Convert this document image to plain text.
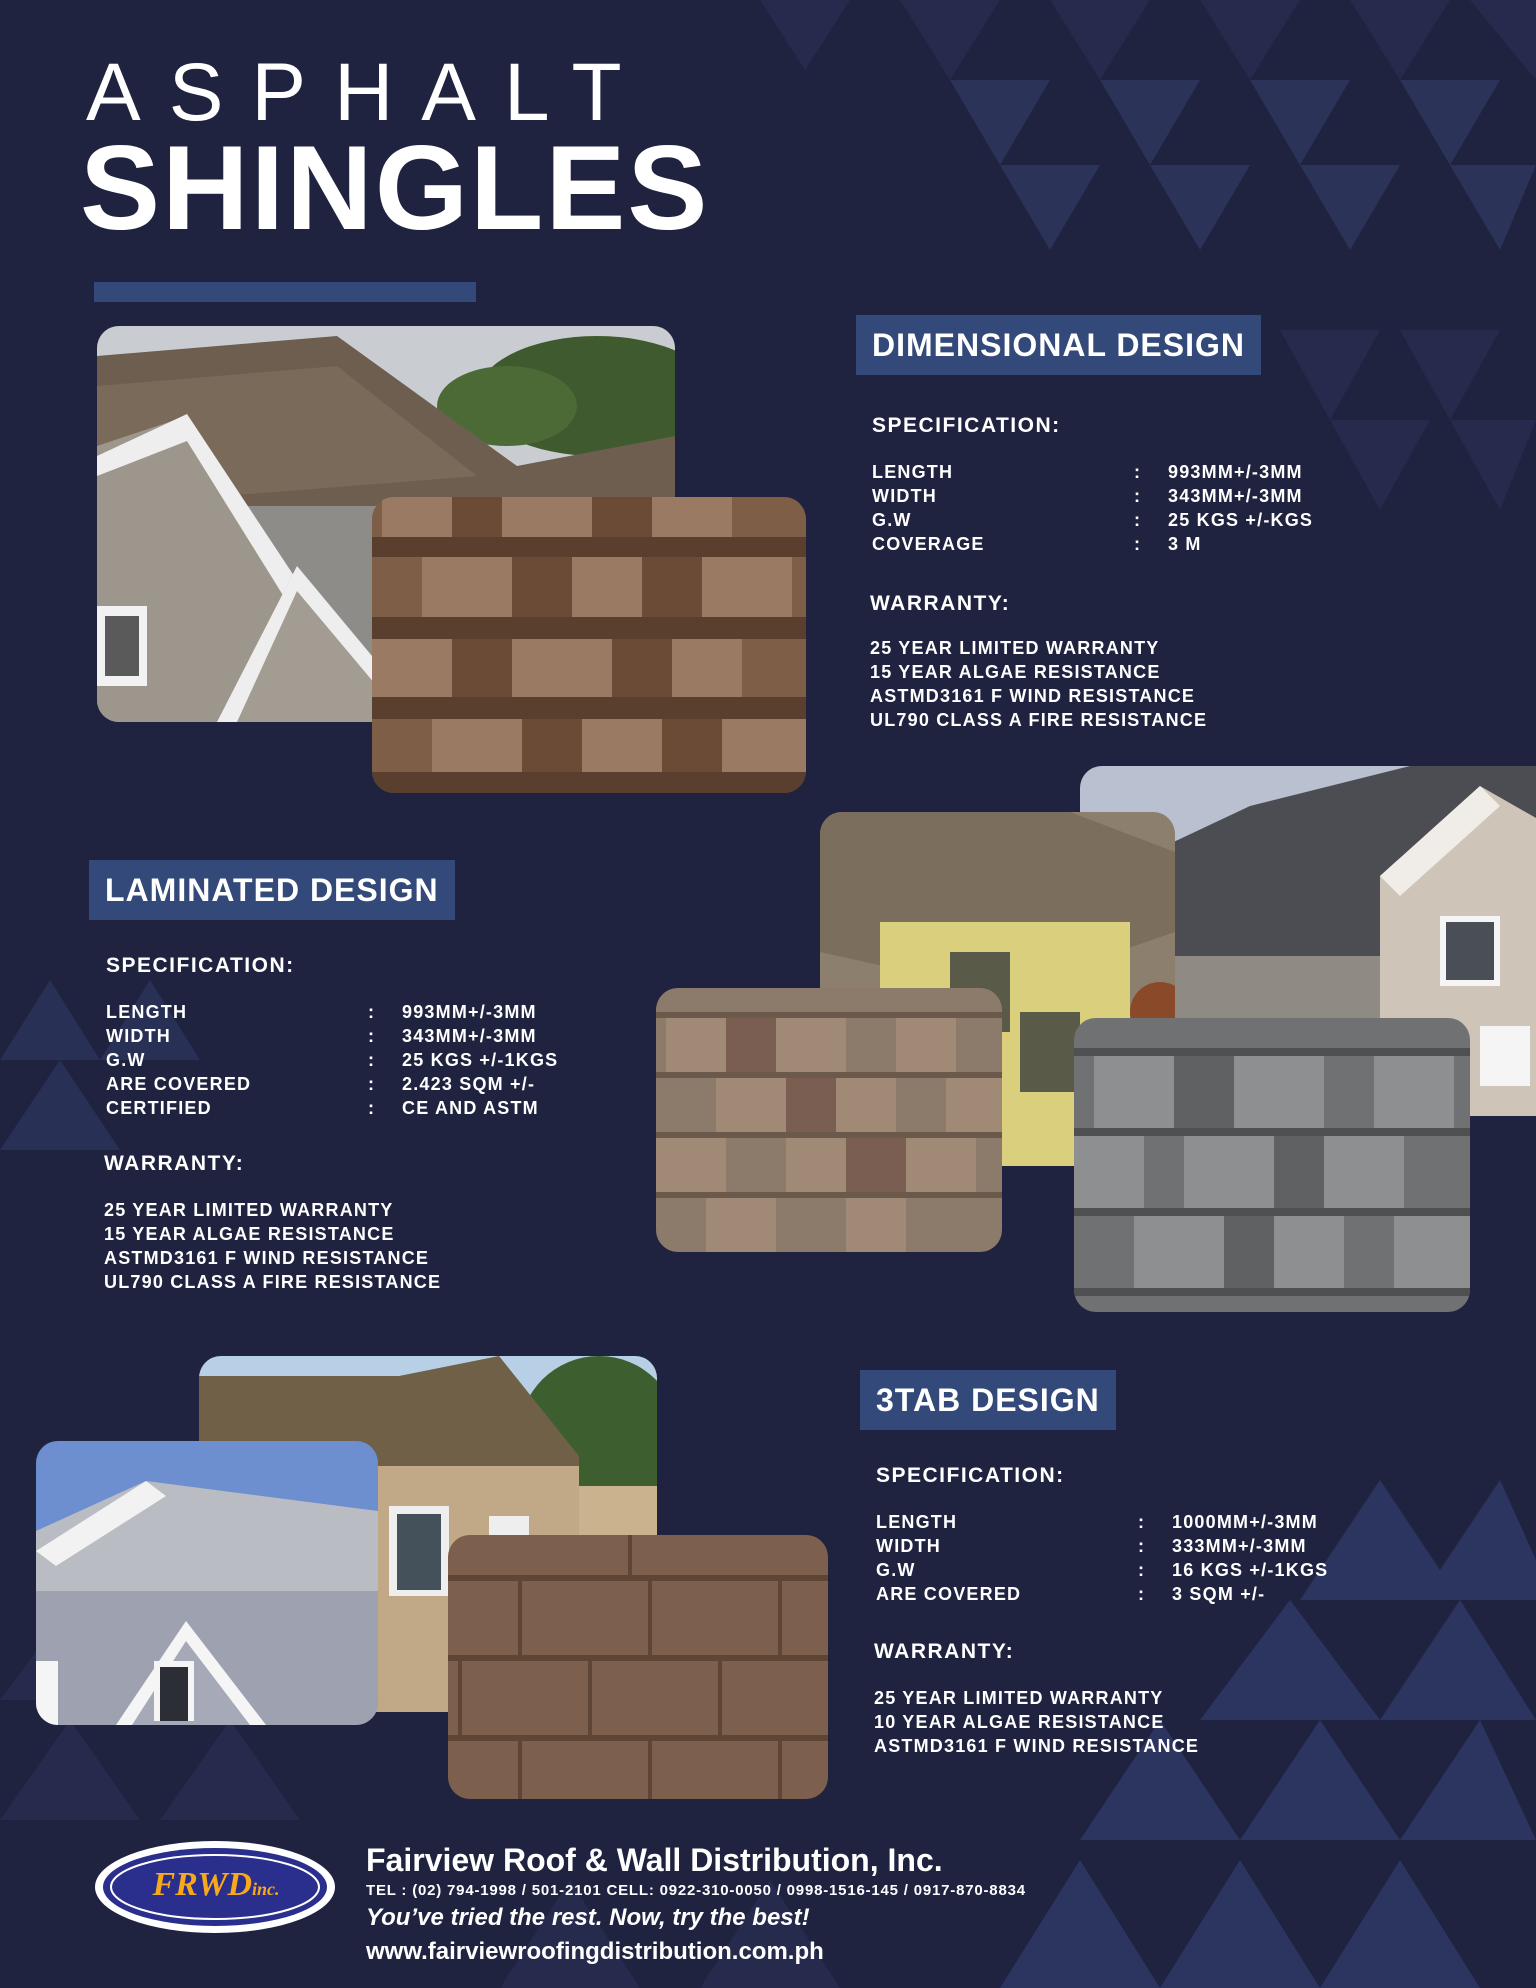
ASPHALT
SHINGLES
DIMENSIONAL DESIGN
SPECIFICATION:
LENGTH	: 993MM+/-3MM
WIDTH	: 343MM+/-3MM
G.W	: 25 KGS +/-KGS
COVERAGE	: 3 M
WARRANTY:
25 YEAR LIMITED WARRANTY
15 YEAR ALGAE RESISTANCE
ASTMD3161 F WIND RESISTANCE
UL790 CLASS A FIRE RESISTANCE
LAMINATED DESIGN
SPECIFICATION:
LENGTH	: 993MM+/-3MM
WIDTH	: 343MM+/-3MM
G.W	: 25 KGS +/-1KGS
ARE COVERED	: 2.423 SQM +/-
CERTIFIED	: CE AND ASTM
WARRANTY:
25 YEAR LIMITED WARRANTY
15 YEAR ALGAE RESISTANCE
ASTMD3161 F WIND RESISTANCE
UL790 CLASS A FIRE RESISTANCE
3TAB DESIGN
SPECIFICATION:
LENGTH	: 1000MM+/-3MM
WIDTH	: 333MM+/-3MM
G.W	: 16 KGS +/-1KGS
ARE COVERED	: 3 SQM +/-
WARRANTY:
25 YEAR LIMITED WARRANTY
10 YEAR ALGAE RESISTANCE
ASTMD3161 F WIND RESISTANCE
FRWDinc.
Fairview Roof & Wall Distribution, Inc.
TEL : (02) 794-1998 / 501-2101 CELL: 0922-310-0050 / 0998-1516-145 / 0917-870-8834
You’ve tried the rest. Now, try the best!
www.fairviewroofingdistribution.com.ph
